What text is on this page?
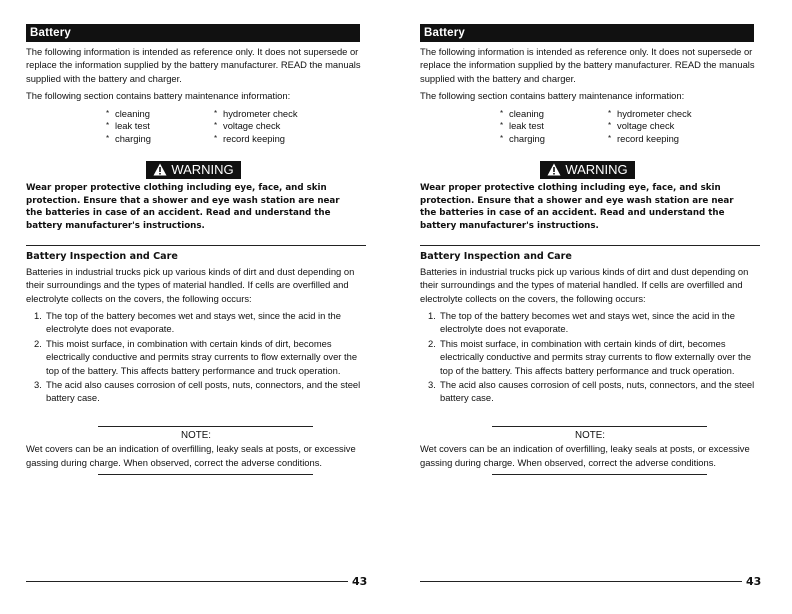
Battery

The following information is intended as reference only. It does not supersede or replace the information supplied by the battery manufacturer. READ the manuals supplied with the battery and charger.

The following section contains battery maintenance information:

* cleaning
* leak test
* charging
* hydrometer check
* voltage check
* record keeping
WARNING

Wear proper protective clothing including eye, face, and skin protection. Ensure that a shower and eye wash station are near the batteries in case of an accident. Read and understand the battery manufacturer's instructions.

Battery Inspection and Care

Batteries in industrial trucks pick up various kinds of dirt and dust depending on their surroundings and the types of material handled. If cells are overfilled and electrolyte collects on the covers, the following occurs:

1. The top of the battery becomes wet and stays wet, since the acid in the electrolyte does not evaporate.
2. This moist surface, in combination with certain kinds of dirt, becomes electrically conductive and permits stray currents to flow externally over the top of the battery. This affects battery performance and truck operation.
3. The acid also causes corrosion of cell posts, nuts, connectors, and the steel battery case.

NOTE:

Wet covers can be an indication of overfilling, leaky seals at posts, or excessive gassing during charge. When observed, correct the adverse conditions.

43

Battery

The following information is intended as reference only. It does not supersede or replace the information supplied by the battery manufacturer. READ the manuals supplied with the battery and charger.

The following section contains battery maintenance information:

* cleaning
* leak test
* charging
* hydrometer check
* voltage check
* record keeping
WARNING

Wear proper protective clothing including eye, face, and skin protection. Ensure that a shower and eye wash station are near the batteries in case of an accident. Read and understand the battery manufacturer's instructions.

Battery Inspection and Care

Batteries in industrial trucks pick up various kinds of dirt and dust depending on their surroundings and the types of material handled. If cells are overfilled and electrolyte collects on the covers, the following occurs:

1. The top of the battery becomes wet and stays wet, since the acid in the electrolyte does not evaporate.
2. This moist surface, in combination with certain kinds of dirt, becomes electrically conductive and permits stray currents to flow externally over the top of the battery. This affects battery performance and truck operation.
3. The acid also causes corrosion of cell posts, nuts, connectors, and the steel battery case.

NOTE:

Wet covers can be an indication of overfilling, leaky seals at posts, or excessive gassing during charge. When observed, correct the adverse conditions.

43
